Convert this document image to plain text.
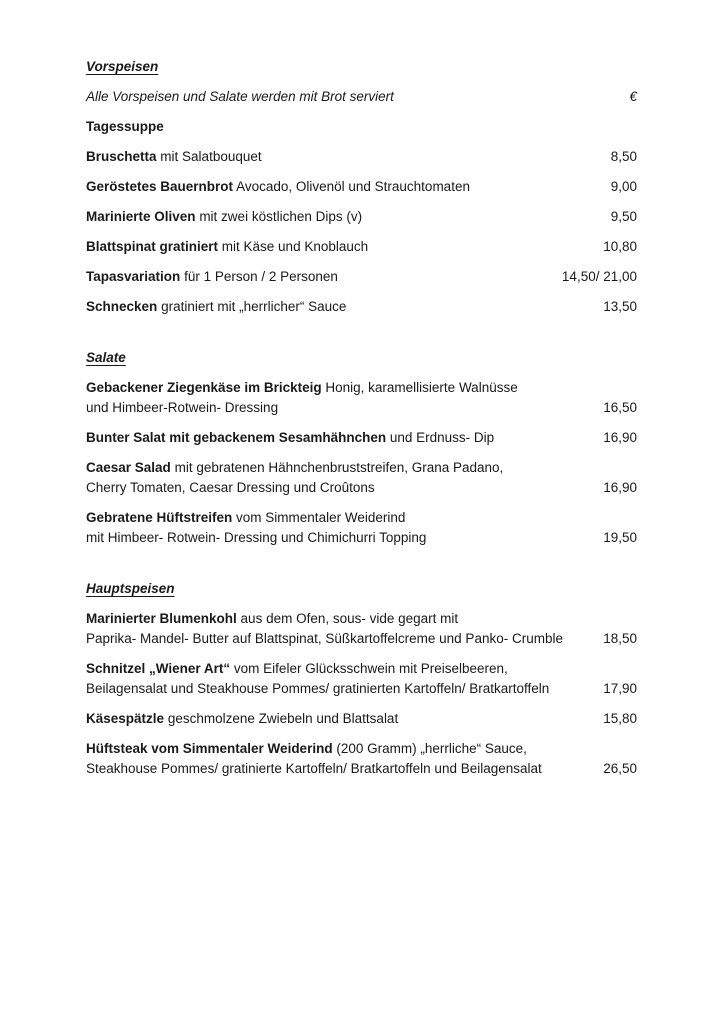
Vorspeisen
Alle Vorspeisen und Salate werden mit Brot serviert	€
Tagessuppe
Bruschetta mit Salatbouquet	8,50
Geröstetes Bauernbrot Avocado, Olivenöl und Strauchtomaten	9,00
Marinierte Oliven mit zwei köstlichen Dips (v)	9,50
Blattspinat gratiniert mit Käse und Knoblauch	10,80
Tapasvariation für 1 Person / 2 Personen	14,50/ 21,00
Schnecken gratiniert mit „herrlicher“ Sauce	13,50
Salate
Gebackener Ziegenkäse im Brickteig Honig, karamellisierte Walnüsse
und Himbeer-Rotwein- Dressing	16,50
Bunter Salat mit gebackenem Sesamhähnchen und Erdnuss- Dip	16,90
Caesar Salad mit gebratenen Hähnchenbruststreifen, Grana Padano,
Cherry Tomaten, Caesar Dressing und Croûtons	16,90
Gebratene Hüftstreifen vom Simmentaler Weiderind
mit Himbeer- Rotwein- Dressing und Chimichurri Topping	19,50
Hauptspeisen
Marinierter Blumenkohl aus dem Ofen, sous- vide gegart mit
Paprika- Mandel- Butter auf Blattspinat, Süßkartoffelcreme und Panko- Crumble	18,50
Schnitzel „Wiener Art“ vom Eifeler Glücksschwein mit Preiselbeeren,
Beilagensalat und Steakhouse Pommes/ gratinierten Kartoffeln/ Bratkartoffeln	17,90
Käsespätzle geschmolzene Zwiebeln und Blattsalat	15,80
Hüftsteak vom Simmentaler Weiderind (200 Gramm) „herrliche“ Sauce,
Steakhouse Pommes/ gratinierte Kartoffeln/ Bratkartoffeln und Beilagensalat	26,50
